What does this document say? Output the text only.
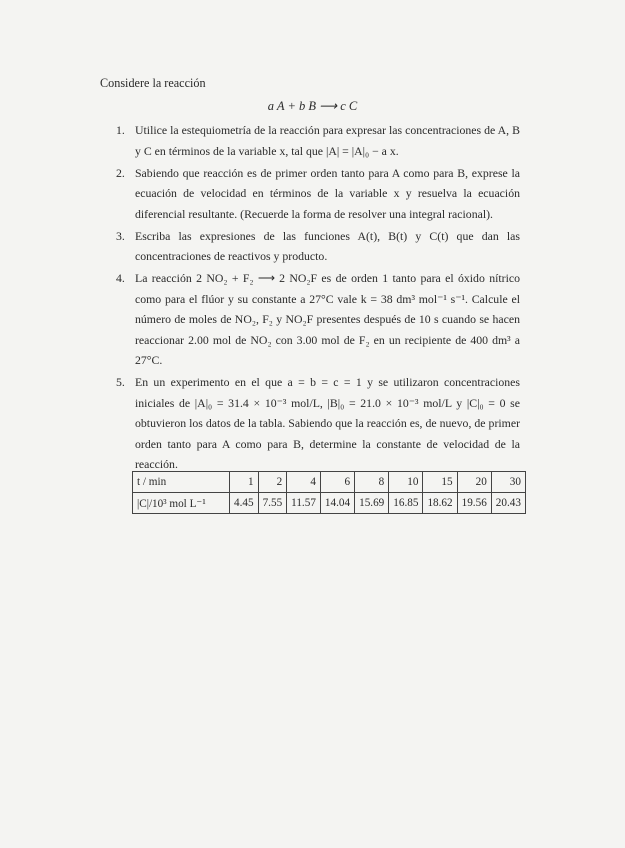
Considere la reacción
a A + b B ⟶ c C
1. Utilice la estequiometría de la reacción para expresar las concentraciones de A, B y C en términos de la variable x, tal que |A| = |A|₀ − a x.
2. Sabiendo que reacción es de primer orden tanto para A como para B, exprese la ecuación de velocidad en términos de la variable x y resuelva la ecuación diferencial resultante. (Recuerde la forma de resolver una integral racional).
3. Escriba las expresiones de las funciones A(t), B(t) y C(t) que dan las concentraciones de reactivos y producto.
4. La reacción 2 NO₂ + F₂ ⟶ 2 NO₂F es de orden 1 tanto para el óxido nítrico como para el flúor y su constante a 27°C vale k = 38 dm³ mol⁻¹ s⁻¹. Calcule el número de moles de NO₂, F₂ y NO₂F presentes después de 10 s cuando se hacen reaccionar 2.00 mol de NO₂ con 3.00 mol de F₂ en un recipiente de 400 dm³ a 27°C.
5. En un experimento en el que a = b = c = 1 y se utilizaron concentraciones iniciales de |A|₀ = 31.4 × 10⁻³ mol/L, |B|₀ = 21.0 × 10⁻³ mol/L y |C|₀ = 0 se obtuvieron los datos de la tabla. Sabiendo que la reacción es, de nuevo, de primer orden tanto para A como para B, determine la constante de velocidad de la reacción.
t / min	1	2	4	6	8	10	15	20	30
|C|/10³ mol L⁻¹	4.45	7.55	11.57	14.04	15.69	16.85	18.62	19.56	20.43
